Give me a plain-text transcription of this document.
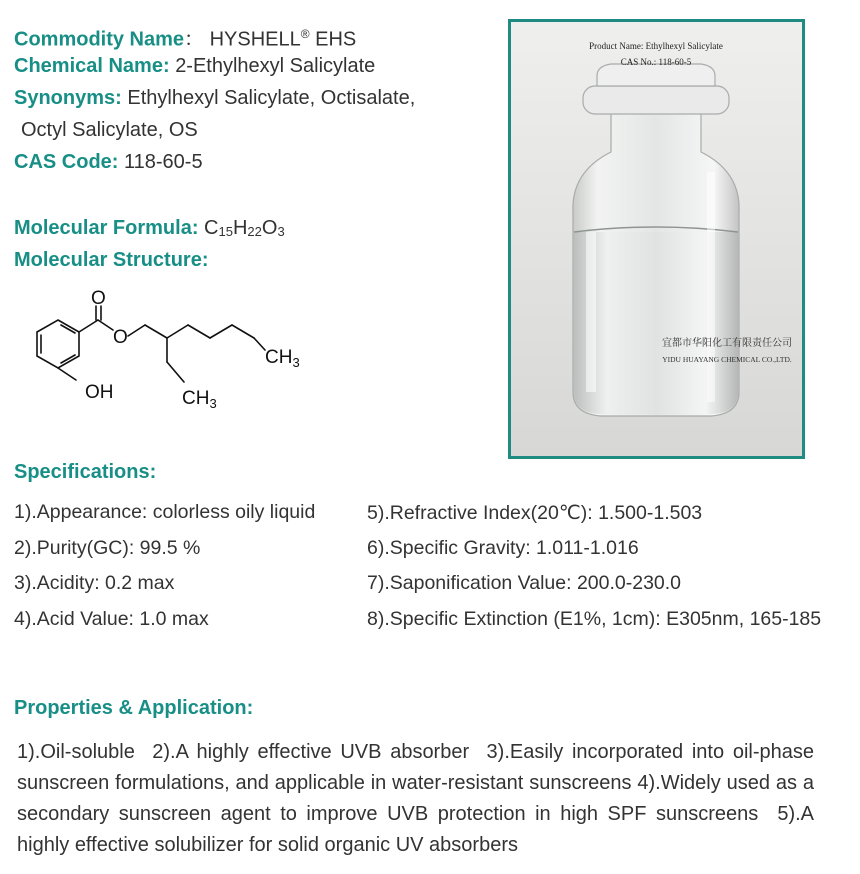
Commodity Name： HYSHELL® EHS
Chemical Name: 2-Ethylhexyl Salicylate
Synonyms: Ethylhexyl Salicylate, Octisalate,
Octyl Salicylate, OS
CAS Code: 118-60-5
Molecular Formula: $C_{15}H_{22}O_3$
Molecular Structure:
O
O
OH
$CH_3$
$CH_3$
Product Name: Ethylhexyl Salicylate
CAS No.: 118-60-5
宜都市华阳化工有限责任公司
YIDU HUAYANG CHEMICAL CO.,LTD.
Specifications:
1).Appearance: colorless oily liquid
2).Purity(GC): 99.5 %
3).Acidity: 0.2 max
4).Acid Value: 1.0 max
5).Refractive Index(20℃): 1.500-1.503
6).Specific Gravity: 1.011-1.016
7).Saponification Value: 200.0-230.0
8).Specific Extinction (E1%, 1cm): E305nm, 165-185
Properties & Application:
1).Oil-soluble  2).A highly effective UVB absorber  3).Easily incorporated into oil-phase sunscreen formulations, and applicable in water-resistant sunscreens 4).Widely used as a secondary sunscreen agent to improve UVB protection in high SPF sunscreens  5).A highly effective solubilizer for solid organic UV absorbers
